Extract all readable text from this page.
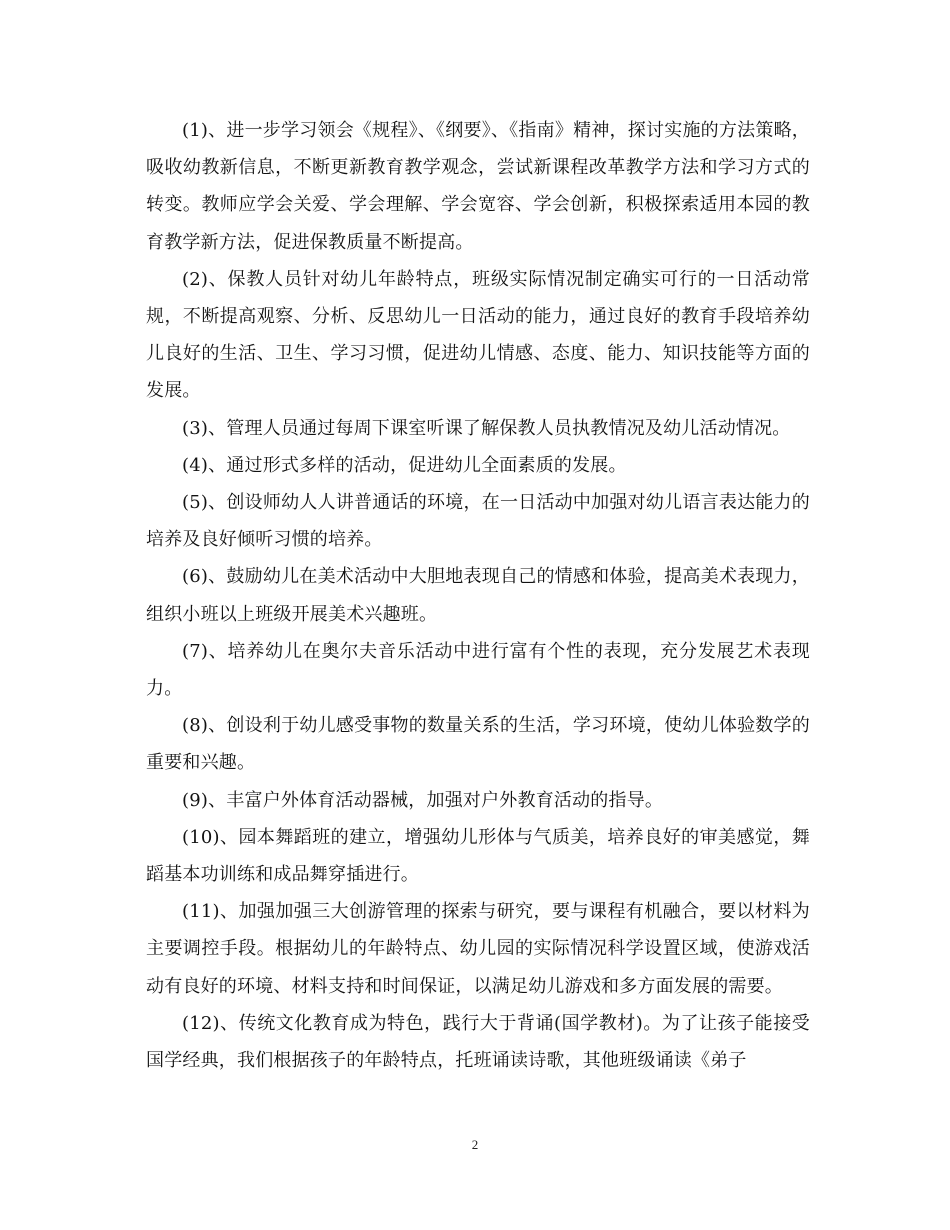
(1)、进一步学习领会《规程》、《纲要》、《指南》精神，探讨实施的方法策略，吸收幼教新信息，不断更新教育教学观念，尝试新课程改革教学方法和学习方式的转变。教师应学会关爱、学会理解、学会宽容、学会创新，积极探索适用本园的教育教学新方法，促进保教质量不断提高。

(2)、保教人员针对幼儿年龄特点，班级实际情况制定确实可行的一日活动常规，不断提高观察、分析、反思幼儿一日活动的能力，通过良好的教育手段培养幼儿良好的生活、卫生、学习习惯，促进幼儿情感、态度、能力、知识技能等方面的发展。

(3)、管理人员通过每周下课室听课了解保教人员执教情况及幼儿活动情况。

(4)、通过形式多样的活动，促进幼儿全面素质的发展。

(5)、创设师幼人人讲普通话的环境，在一日活动中加强对幼儿语言表达能力的培养及良好倾听习惯的培养。

(6)、鼓励幼儿在美术活动中大胆地表现自己的情感和体验，提高美术表现力，组织小班以上班级开展美术兴趣班。

(7)、培养幼儿在奥尔夫音乐活动中进行富有个性的表现，充分发展艺术表现力。

(8)、创设利于幼儿感受事物的数量关系的生活，学习环境，使幼儿体验数学的重要和兴趣。

(9)、丰富户外体育活动器械，加强对户外教育活动的指导。

(10)、园本舞蹈班的建立，增强幼儿形体与气质美，培养良好的审美感觉，舞蹈基本功训练和成品舞穿插进行。

(11)、加强加强三大创游管理的探索与研究，要与课程有机融合，要以材料为主要调控手段。根据幼儿的年龄特点、幼儿园的实际情况科学设置区域，使游戏活动有良好的环境、材料支持和时间保证，以满足幼儿游戏和多方面发展的需要。

(12)、传统文化教育成为特色，践行大于背诵(国学教材)。为了让孩子能接受国学经典，我们根据孩子的年龄特点，托班诵读诗歌，其他班级诵读《弟子

2
